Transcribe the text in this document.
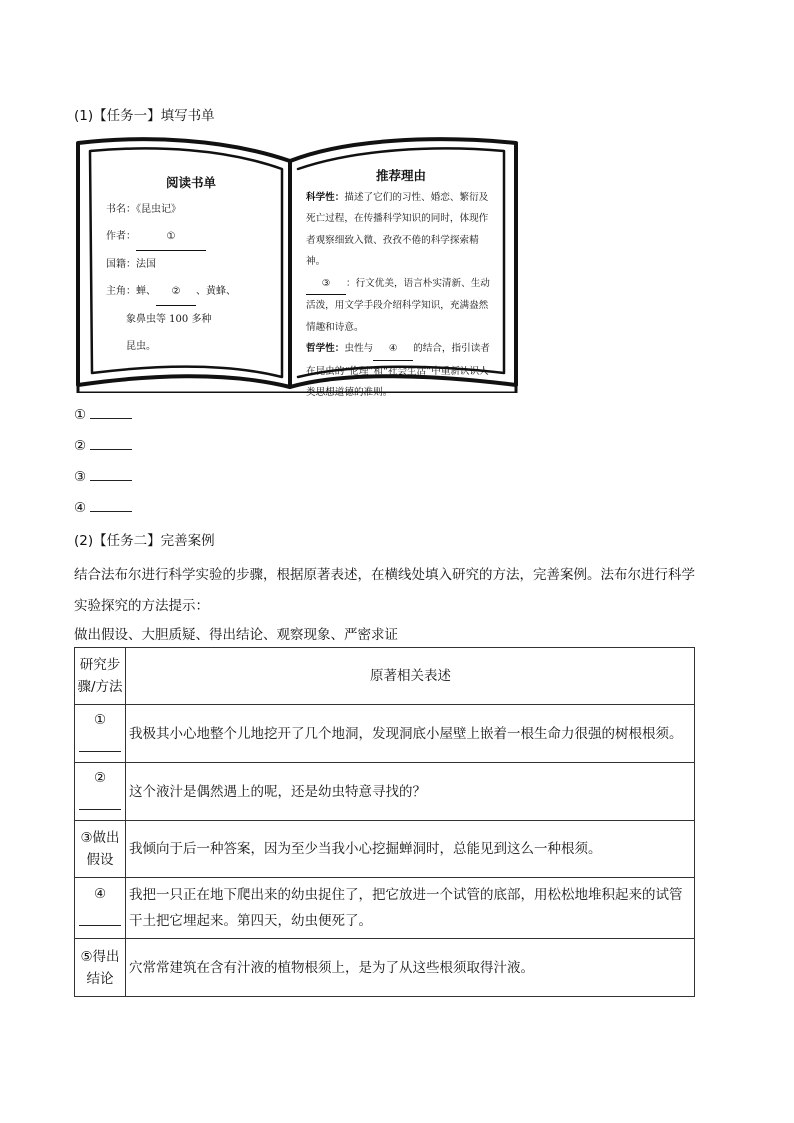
(1)【任务一】填写书单
阅读书单
书名：《昆虫记》
作者：	①
国籍：法国
主角：蝉、 ② 、黄蜂、
象鼻虫等 100 多种
昆虫。
推荐理由
科学性：描述了它们的习性、婚恋、繁衍及死亡过程，在传播科学知识的同时，体现作者观察细致入微、孜孜不倦的科学探索精神。
③ ：行文优美，语言朴实清新、生动活泼，用文学手段介绍科学知识，充满盎然情趣和诗意。
哲学性：虫性与 ④ 的结合，指引读者在昆虫的“伦理”和“社会生活”中重新认识人类思想道德的准则。
①
②
③
④
(2)【任务二】完善案例
结合法布尔进行科学实验的步骤，根据原著表述，在横线处填入研究的方法，完善案例。法布尔进行科学实验探究的方法提示：
做出假设、大胆质疑、得出结论、观察现象、严密求证
研究步骤/方法	原著相关表述

①	我极其小心地整个儿地挖开了几个地洞，发现洞底小屋壁上嵌着一根生命力很强的树根根须。

②	这个液汁是偶然遇上的呢，还是幼虫特意寻找的？
③做出假设	我倾向于后一种答案，因为至少当我小心挖掘蝉洞时，总能见到这么一种根须。

④	我把一只正在地下爬出来的幼虫捉住了，把它放进一个试管的底部，用松松地堆积起来的试管干土把它埋起来。第四天，幼虫便死了。
⑤得出结论	穴常常建筑在含有汁液的植物根须上，是为了从这些根须取得汁液。
